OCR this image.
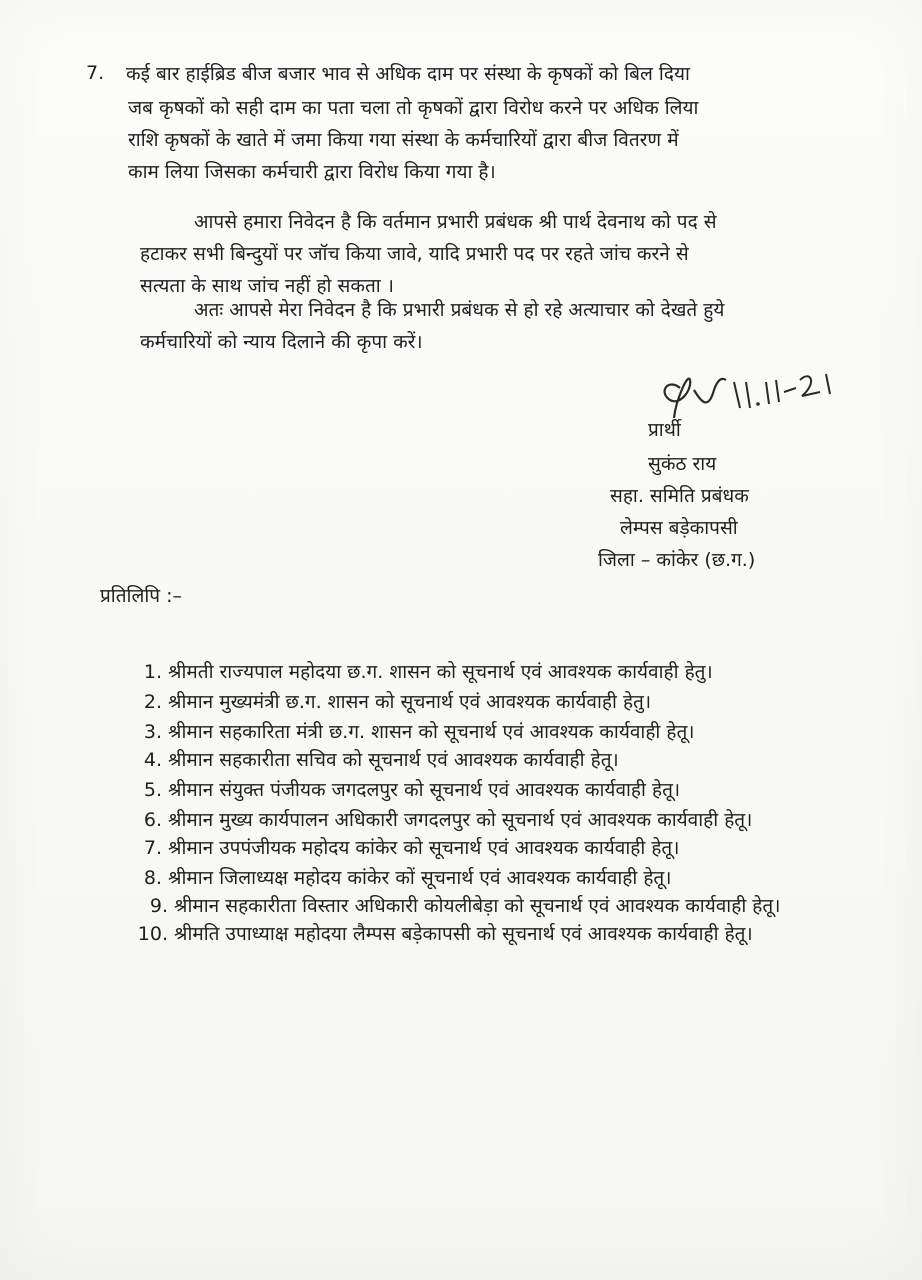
7. कई बार हाईब्रिड बीज बजार भाव से अधिक दाम पर संस्था के कृषकों को बिल दिया
जब कृषकों को सही दाम का पता चला तो कृषकों द्वारा विरोध करने पर अधिक लिया
राशि कृषकों के खाते में जमा किया गया संस्था के कर्मचारियों द्वारा बीज वितरण में
काम लिया जिसका कर्मचारी द्वारा विरोध किया गया है।
आपसे हमारा निवेदन है कि वर्तमान प्रभारी प्रबंधक श्री पार्थ देवनाथ को पद से
हटाकर सभी बिन्दुयों पर जॉच किया जावे, यादि प्रभारी पद पर रहते जांच करने से
सत्यता के साथ जांच नहीं हो सकता ।
अतः आपसे मेरा निवेदन है कि प्रभारी प्रबंधक से हो रहे अत्याचार को देखते हुये
कर्मचारियों को न्याय दिलाने की कृपा करें।
प्रार्थी
सुकंठ राय
सहा. समिति प्रबंधक
लेम्पस बड़ेकापसी
जिला – कांकेर (छ.ग.)
प्रतिलिपि :–
1. श्रीमती राज्यपाल महोदया छ.ग. शासन को सूचनार्थ एवं आवश्यक कार्यवाही हेतु।
2. श्रीमान मुख्यमंत्री छ.ग. शासन को सूचनार्थ एवं आवश्यक कार्यवाही हेतु।
3. श्रीमान सहकारिता मंत्री छ.ग. शासन को सूचनार्थ एवं आवश्यक कार्यवाही हेतू।
4. श्रीमान सहकारीता सचिव को सूचनार्थ एवं आवश्यक कार्यवाही हेतू।
5. श्रीमान संयुक्त पंजीयक जगदलपुर को सूचनार्थ एवं आवश्यक कार्यवाही हेतू।
6. श्रीमान मुख्य कार्यपालन अधिकारी जगदलपुर को सूचनार्थ एवं आवश्यक कार्यवाही हेतू।
7. श्रीमान उपपंजीयक महोदय कांकेर को सूचनार्थ एवं आवश्यक कार्यवाही हेतू।
8. श्रीमान जिलाध्यक्ष महोदय कांकेर कों सूचनार्थ एवं आवश्यक कार्यवाही हेतू।
9. श्रीमान सहकारीता विस्तार अधिकारी कोयलीबेड़ा को सूचनार्थ एवं आवश्यक कार्यवाही हेतू।
10. श्रीमति उपाध्याक्ष महोदया लैम्पस बड़ेकापसी को सूचनार्थ एवं आवश्यक कार्यवाही हेतू।
